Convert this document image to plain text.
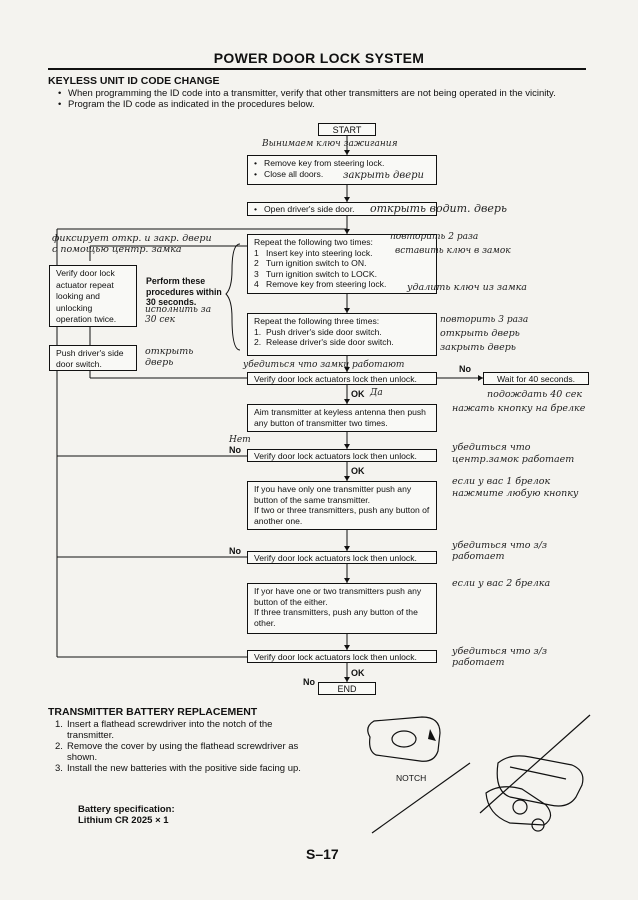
POWER DOOR LOCK SYSTEM
KEYLESS UNIT ID CODE CHANGE
• When programming the ID code into a transmitter, verify that other transmitters are not being operated in the vicinity.
• Program the ID code as indicated in the procedures below.
START
Вынимаем ключ зажигания
• Remove key from steering lock.
• Close all doors.	закрыть двери
• Open driver's side door.	открыть водит. дверь
Repeat the following two times:
1 Insert key into steering lock.
2 Turn ignition switch to ON.
3 Turn ignition switch to LOCK.
4 Remove key from steering lock.
повторить 2 раза
вставить ключ в замок
удалить ключ из замка
Repeat the following three times:
1. Push driver's side door switch.
2. Release driver's side door switch.
повторить 3 раза
открыть дверь
закрыть дверь
фиксирует откр. и закр. двери с помощью центр. замка
Verify door lock actuator repeat looking and unlocking operation twice.
Perform these procedures within 30 seconds.
исполнить за 30 сек
Push driver's side door switch.
открыть дверь	убедиться что замки работают
Verify door lock actuators lock then unlock.
No
Wait for 40 seconds.
подождать 40 сек
OK Да
Aim transmitter at keyless antenna then push any button of transmitter two times.
нажать кнопку на брелке
Нет
No
Verify door lock actuators lock then unlock.
убедиться что центр.замок работает
OK
If you have only one transmitter push any button of the same transmitter.
If two or three transmitters, push any button of another one.
если у вас 1 брелок нажмите любую кнопку
No
Verify door lock actuators lock then unlock.
убедиться что з/з работает
If yor have one or two transmitters push any button of the either.
If three transmitters, push any button of the other.
если у вас 2 брелка
Verify door lock actuators lock then unlock.	убедиться что з/з работает
No
OK
END
TRANSMITTER BATTERY REPLACEMENT
1. Insert a flathead screwdriver into the notch of the transmitter.
2. Remove the cover by using the flathead screwdriver as shown.
3. Install the new batteries with the positive side facing up.
Battery specification:
Lithium CR 2025 × 1
NOTCH
S–17
